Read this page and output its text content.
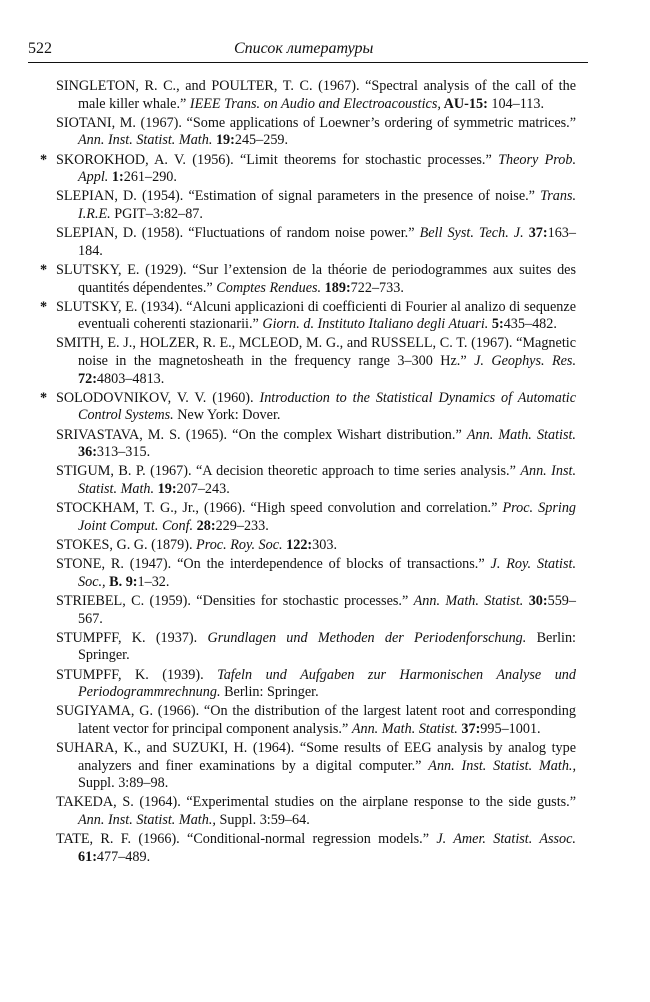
522	Список литературы
SINGLETON, R. C., and POULTER, T. C. (1967). “Spectral analysis of the call of the male killer whale.” IEEE Trans. on Audio and Electroacoustics, AU-15: 104–113.
SIOTANI, M. (1967). “Some applications of Loewner’s ordering of symmetric matrices.” Ann. Inst. Statist. Math. 19:245–259.
* SKOROKHOD, A. V. (1956). “Limit theorems for stochastic processes.” Theory Prob. Appl. 1:261–290.
SLEPIAN, D. (1954). “Estimation of signal parameters in the presence of noise.” Trans. I.R.E. PGIT–3:82–87.
SLEPIAN, D. (1958). “Fluctuations of random noise power.” Bell Syst. Tech. J. 37:163–184.
* SLUTSKY, E. (1929). “Sur l’extension de la théorie de periodogrammes aux suites des quantités dépendentes.” Comptes Rendues. 189:722–733.
* SLUTSKY, E. (1934). “Alcuni applicazioni di coefficienti di Fourier al analizo di sequenze eventuali coherenti stazionarii.” Giorn. d. Instituto Italiano degli Atuari. 5:435–482.
SMITH, E. J., HOLZER, R. E., MCLEOD, M. G., and RUSSELL, C. T. (1967). “Magnetic noise in the magnetosheath in the frequency range 3–300 Hz.” J. Geophys. Res. 72:4803–4813.
* SOLODOVNIKOV, V. V. (1960). Introduction to the Statistical Dynamics of Automatic Control Systems. New York: Dover.
SRIVASTAVA, M. S. (1965). “On the complex Wishart distribution.” Ann. Math. Statist. 36:313–315.
STIGUM, B. P. (1967). “A decision theoretic approach to time series analysis.” Ann. Inst. Statist. Math. 19:207–243.
STOCKHAM, T. G., Jr., (1966). “High speed convolution and correlation.” Proc. Spring Joint Comput. Conf. 28:229–233.
STOKES, G. G. (1879). Proc. Roy. Soc. 122:303.
STONE, R. (1947). “On the interdependence of blocks of transactions.” J. Roy. Statist. Soc., B. 9:1–32.
STRIEBEL, C. (1959). “Densities for stochastic processes.” Ann. Math. Statist. 30:559–567.
STUMPFF, K. (1937). Grundlagen und Methoden der Periodenforschung. Berlin: Springer.
STUMPFF, K. (1939). Tafeln und Aufgaben zur Harmonischen Analyse und Periodogrammrechnung. Berlin: Springer.
SUGIYAMA, G. (1966). “On the distribution of the largest latent root and corresponding latent vector for principal component analysis.” Ann. Math. Statist. 37:995–1001.
SUHARA, K., and SUZUKI, H. (1964). “Some results of EEG analysis by analog type analyzers and finer examinations by a digital computer.” Ann. Inst. Statist. Math., Suppl. 3:89–98.
TAKEDA, S. (1964). “Experimental studies on the airplane response to the side gusts.” Ann. Inst. Statist. Math., Suppl. 3:59–64.
TATE, R. F. (1966). “Conditional-normal regression models.” J. Amer. Statist. Assoc. 61:477–489.
